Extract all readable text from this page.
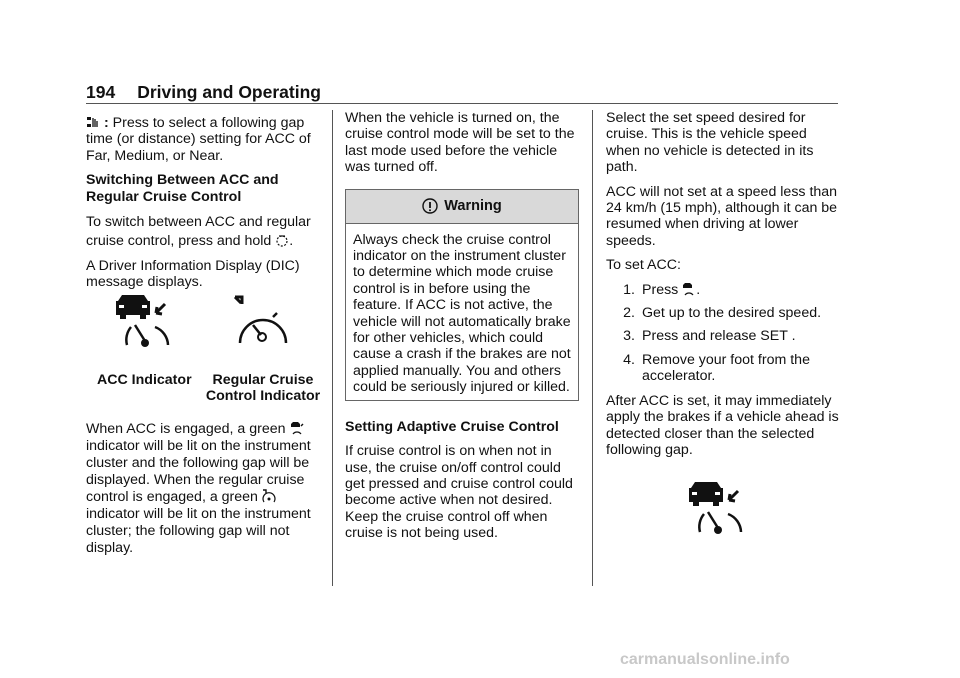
194 Driving and Operating

: Press to select a following gap time (or distance) setting for ACC of Far, Medium, or Near.

Switching Between ACC and Regular Cruise Control

To switch between ACC and regular cruise control, press and hold .

A Driver Information Display (DIC) message displays.

ACC Indicator	Regular Cruise
Control Indicator

When ACC is engaged, a green  indicator will be lit on the instrument cluster and the following gap will be displayed. When the regular cruise control is engaged, a green  indicator will be lit on the instrument cluster; the following gap will not display.

When the vehicle is turned on, the cruise control mode will be set to the last mode used before the vehicle was turned off.

Warning
Always check the cruise control indicator on the instrument cluster to determine which mode cruise control is in before using the feature. If ACC is not active, the vehicle will not automatically brake for other vehicles, which could cause a crash if the brakes are not applied manually. You and others could be seriously injured or killed.

Setting Adaptive Cruise Control

If cruise control is on when not in use, the cruise on/off control could get pressed and cruise control could become active when not desired. Keep the cruise control off when cruise is not being used.

Select the set speed desired for cruise. This is the vehicle speed when no vehicle is detected in its path.

ACC will not set at a speed less than 24 km/h (15 mph), although it can be resumed when driving at lower speeds.

To set ACC:

1. Press .
2. Get up to the desired speed.
3. Press and release SET .
4. Remove your foot from the accelerator.

After ACC is set, it may immediately apply the brakes if a vehicle ahead is detected closer than the selected following gap.

carmanualsonline.info
